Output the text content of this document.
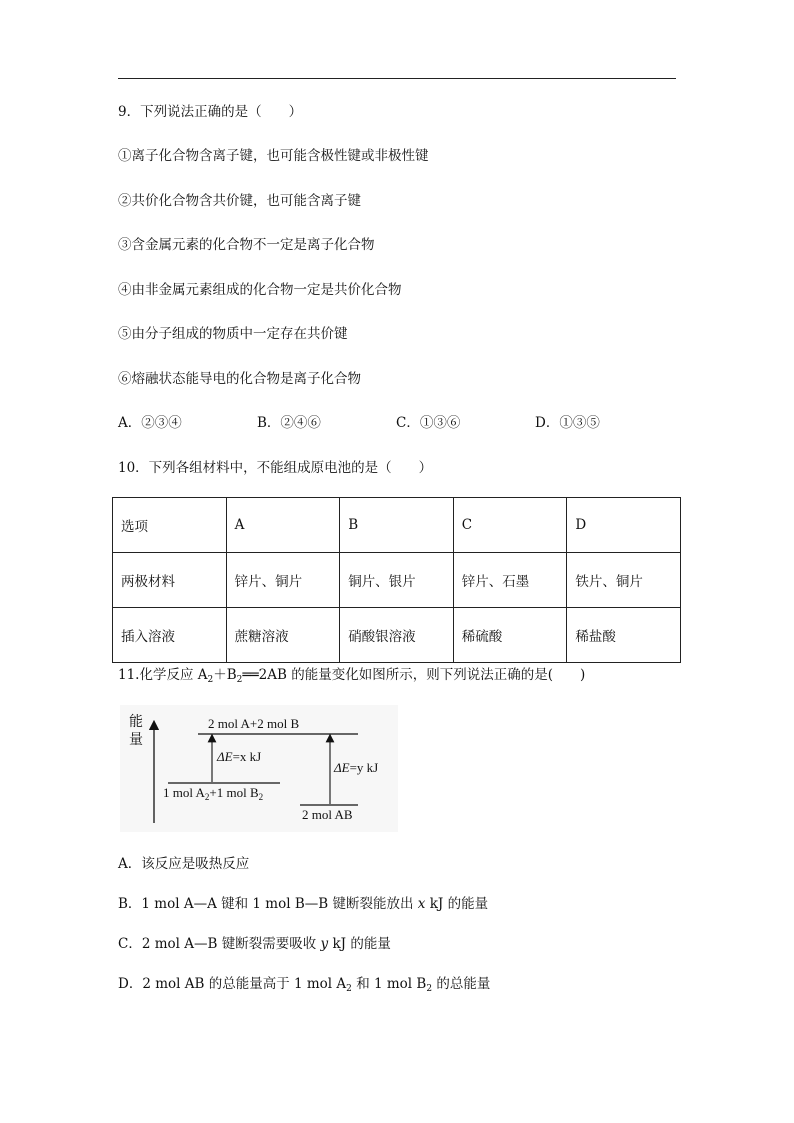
9．下列说法正确的是（　　）
①离子化合物含离子键，也可能含极性键或非极性键
②共价化合物含共价键，也可能含离子键
③含金属元素的化合物不一定是离子化合物
④由非金属元素组成的化合物一定是共价化合物
⑤由分子组成的物质中一定存在共价键
⑥熔融状态能导电的化合物是离子化合物
A．②③④	B．②④⑥	C．①③⑥	D．①③⑤
10．下列各组材料中，不能组成原电池的是（　　）
选项	A	B	C	D
两极材料	锌片、铜片	铜片、银片	锌片、石墨	铁片、铜片
插入溶液	蔗糖溶液	硝酸银溶液	稀硫酸	稀盐酸
11.化学反应 $A_2+B_2══2AB$ 的能量变化如图所示，则下列说法正确的是(　　)
能
量
2 mol A+2 mol B
ΔE=x kJ
ΔE=y kJ
1 mol $A_2+1$ mol $B_2$
2 mol AB
A．该反应是吸热反应
B．1 mol A—A 键和 1 mol B—B 键断裂能放出 x kJ 的能量
C．2 mol A—B 键断裂需要吸收 y kJ 的能量
D．2 mol AB 的总能量高于 1 mol $A_2$ 和 1 mol $B_2$ 的总能量
